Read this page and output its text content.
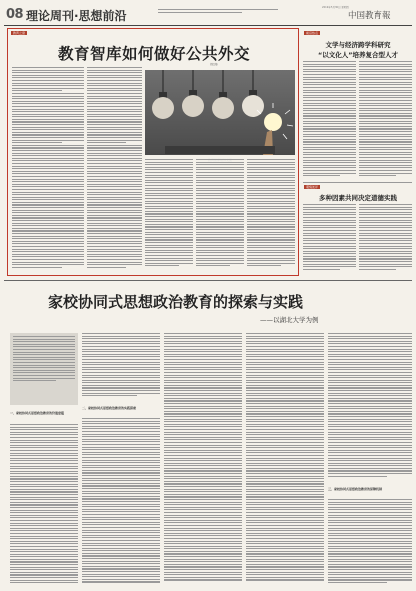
08 理论周刊·思想前沿
2019年5月30日 星期四
中国教育報
教育之窗
教育智库如何做好公共外交
胡红梅
前沿热点
文学与经济跨学科研究
“以文化人”培养复合型人才
观察述评
多种因素共同决定道德实践
家校协同式思想政治教育的探索与实践
——以湖北大学为例
一、家校协同式思想政治教育的价值意蕴
二、家校协同式思想政治教育的实践探索
三、家校协同式思想政治教育的保障机制
